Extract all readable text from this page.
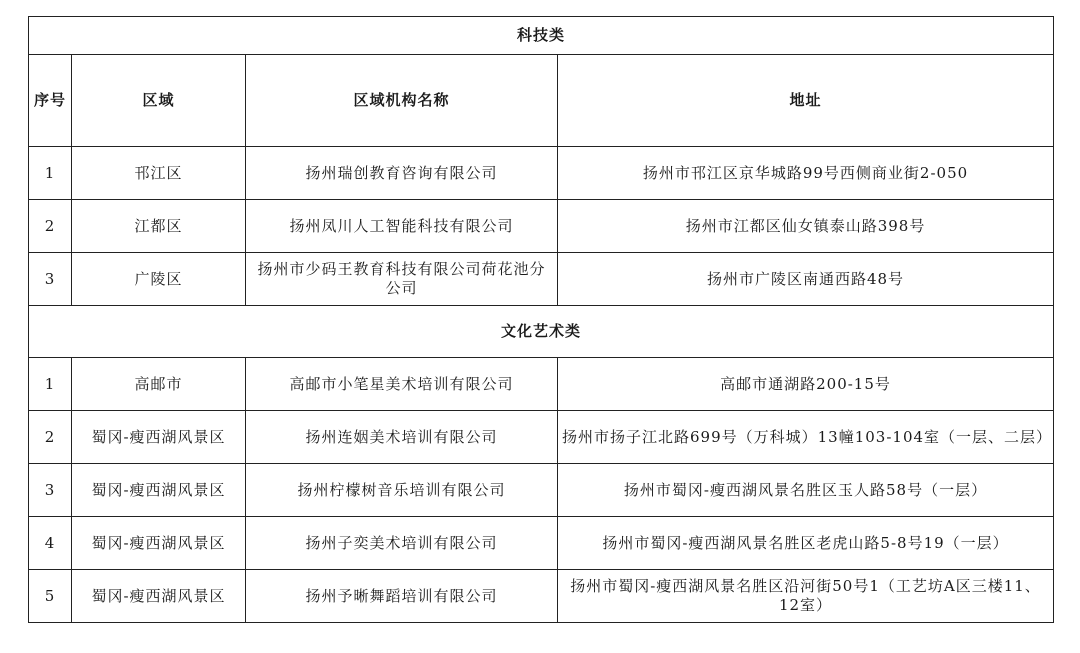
科技类			
序号	区域	区域机构名称	地址
1	邗江区	扬州瑞创教育咨询有限公司	扬州市邗江区京华城路99号西侧商业街2-050
2	江都区	扬州凤川人工智能科技有限公司	扬州市江都区仙女镇泰山路398号
3	广陵区	扬州市少码王教育科技有限公司荷花池分公司	扬州市广陵区南通西路48号
文化艺术类			
1	高邮市	高邮市小笔星美术培训有限公司	高邮市通湖路200-15号
2	蜀冈-瘦西湖风景区	扬州连姻美术培训有限公司	扬州市扬子江北路699号（万科城）13幢103-104室（一层、二层）
3	蜀冈-瘦西湖风景区	扬州柠檬树音乐培训有限公司	扬州市蜀冈-瘦西湖风景名胜区玉人路58号（一层）
4	蜀冈-瘦西湖风景区	扬州子奕美术培训有限公司	扬州市蜀冈-瘦西湖风景名胜区老虎山路5-8号19（一层）
5	蜀冈-瘦西湖风景区	扬州予晰舞蹈培训有限公司	扬州市蜀冈-瘦西湖风景名胜区沿河街50号1（工艺坊A区三楼11、12室）
